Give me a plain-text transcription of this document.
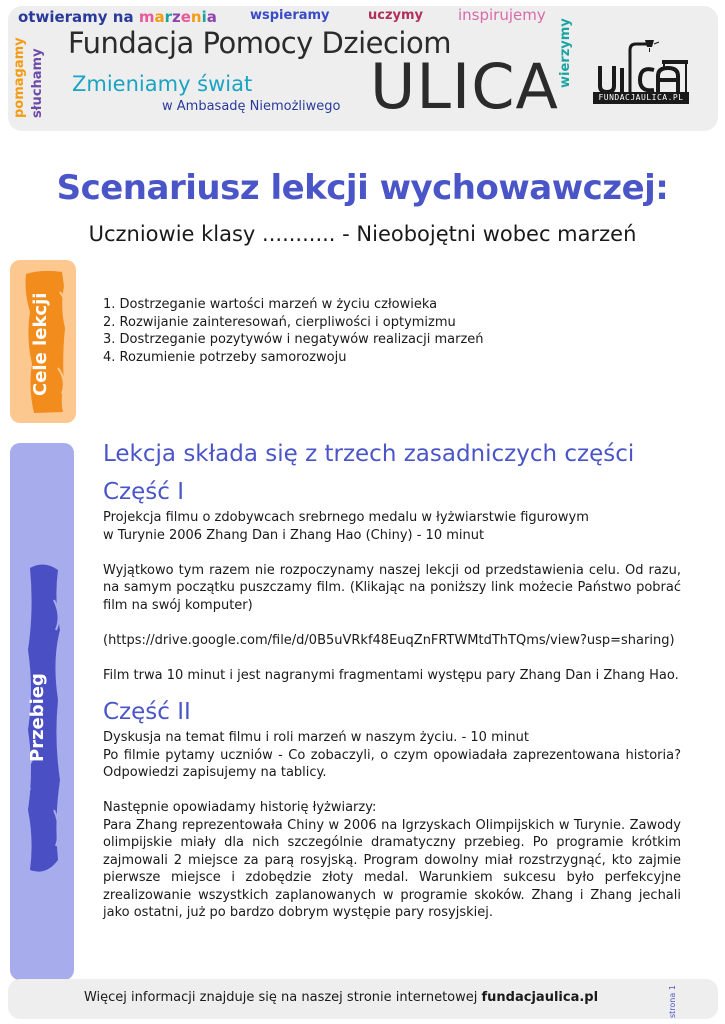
otwieramy na marzenia	wspieramy	uczymy inspirujemy
pomagamy słuchamy	wierzymy
Fundacja Pomocy Dzieciom
Zmieniamy świat
w Ambasadę Niemożliwego ULICA	FUNDACJAULICA.PL
Scenariusz lekcji wychowawczej:
Uczniowie klasy ........... - Nieobojętni wobec marzeń
Cele lekcji	1. Dostrzeganie wartości marzeń w życiu człowieka
2. Rozwijanie zainteresowań, cierpliwości i optymizmu
3. Dostrzeganie pozytywów i negatywów realizacji marzeń
4. Rozumienie potrzeby samorozwoju
Przebieg
Lekcja składa się z trzech zasadniczych części
Część I
Projekcja filmu o zdobywcach srebrnego medalu w łyżwiarstwie figurowym
w Turynie 2006 Zhang Dan i Zhang Hao (Chiny) - 10 minut
Wyjątkowo tym razem nie rozpoczynamy naszej lekcji od przedstawienia celu. Od razu, na samym początku puszczamy film. (Klikając na poniższy link możecie Państwo pobrać film na swój komputer)
(https://drive.google.com/file/d/0B5uVRkf48EuqZnFRTWMtdThTQms/view?usp=sharing)
Film trwa 10 minut i jest nagranymi fragmentami występu pary Zhang Dan i Zhang Hao.
Część II
Dyskusja na temat filmu i roli marzeń w naszym życiu. - 10 minut
Po filmie pytamy uczniów - Co zobaczyli, o czym opowiadała zaprezentowana historia? Odpowiedzi zapisujemy na tablicy.
Następnie opowiadamy historię łyżwiarzy:
Para Zhang reprezentowała Chiny w 2006 na Igrzyskach Olimpijskich w Turynie. Zawody olimpijskie miały dla nich szczególnie dramatyczny przebieg. Po programie krótkim zajmowali 2 miejsce za parą rosyjską. Program dowolny miał rozstrzygnąć, kto zajmie pierwsze miejsce i zdobędzie złoty medal. Warunkiem sukcesu było perfekcyjne zrealizowanie wszystkich zaplanowanych w programie skoków. Zhang i Zhang jechali jako ostatni, już po bardzo dobrym występie pary rosyjskiej.
Więcej informacji znajduje się na naszej stronie internetowej fundacjaulica.pl	strona 1
